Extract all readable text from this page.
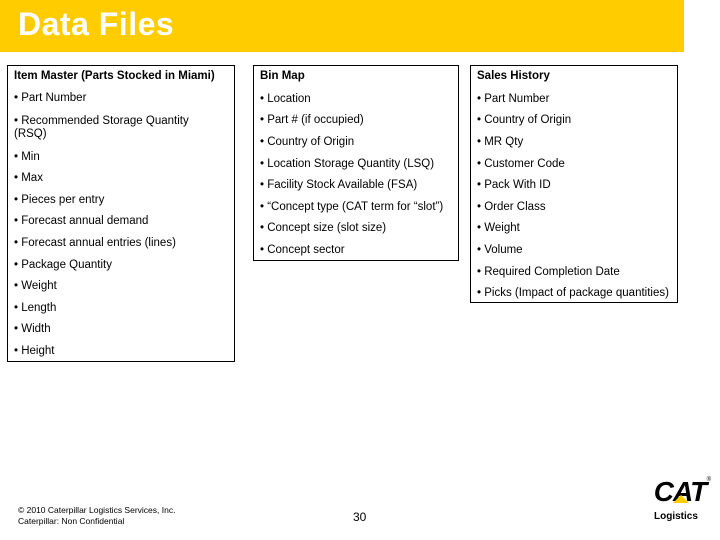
Data Files
Item Master (Parts Stocked in Miami)
• Part Number
• Recommended Storage Quantity
(RSQ)
• Min
• Max
• Pieces per entry
• Forecast annual demand
• Forecast annual entries (lines)
• Package Quantity
• Weight
• Length
• Width
• Height
Bin Map
• Location
• Part # (if occupied)
• Country of Origin
• Location Storage Quantity (LSQ)
• Facility Stock Available (FSA)
• “Concept type (CAT term for “slot”)
• Concept size (slot size)
• Concept sector
Sales History
• Part Number
• Country of Origin
• MR Qty
• Customer Code
• Pack With ID
• Order Class
• Weight
• Volume
• Required Completion Date
• Picks (Impact of package quantities)
© 2010 Caterpillar Logistics Services, Inc.
Caterpillar: Non Confidential	30
CAT ®
Logistics
